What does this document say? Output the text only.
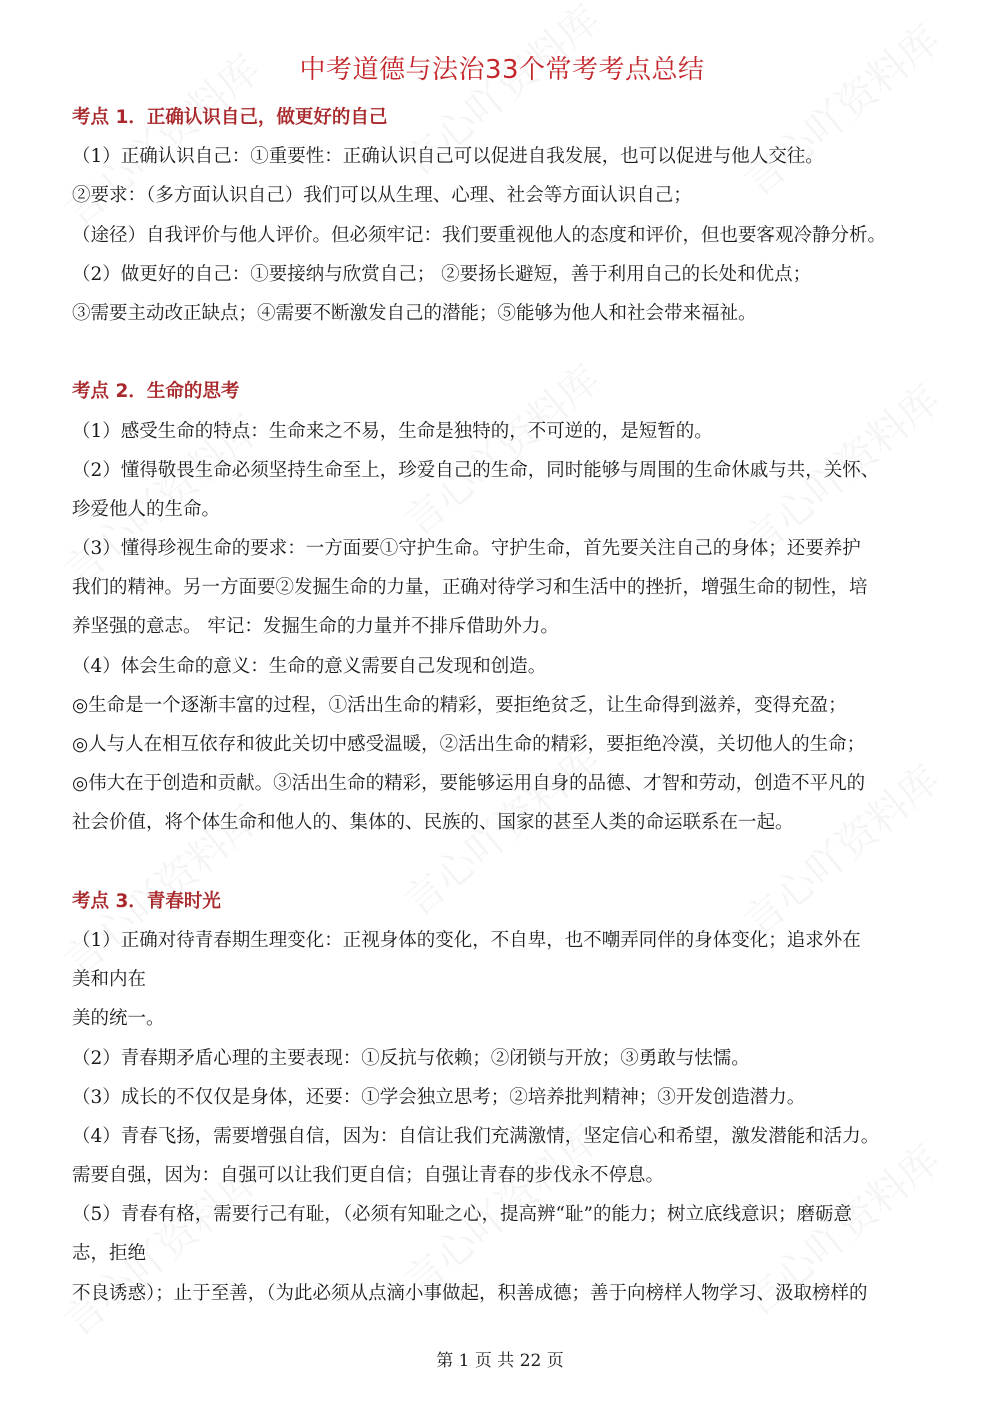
中考道德与法治33个常考考点总结
考点 1．正确认识自己，做更好的自己
（1）正确认识自己：①重要性：正确认识自己可以促进自我发展，也可以促进与他人交往。
②要求：（多方面认识自己）我们可以从生理、心理、社会等方面认识自己；
（途径）自我评价与他人评价。但必须牢记：我们要重视他人的态度和评价，但也要客观冷静分析。
（2）做更好的自己：①要接纳与欣赏自己； ②要扬长避短，善于利用自己的长处和优点；
③需要主动改正缺点；④需要不断激发自己的潜能；⑤能够为他人和社会带来福祉。
考点 2．生命的思考
（1）感受生命的特点：生命来之不易，生命是独特的，不可逆的，是短暂的。
（2）懂得敬畏生命必须坚持生命至上，珍爱自己的生命，同时能够与周围的生命休戚与共，关怀、
珍爱他人的生命。
（3）懂得珍视生命的要求：一方面要①守护生命。守护生命，首先要关注自己的身体；还要养护
我们的精神。另一方面要②发掘生命的力量，正确对待学习和生活中的挫折，增强生命的韧性，培
养坚强的意志。 牢记：发掘生命的力量并不排斥借助外力。
（4）体会生命的意义：生命的意义需要自己发现和创造。
◎生命是一个逐渐丰富的过程，①活出生命的精彩，要拒绝贫乏，让生命得到滋养，变得充盈；
◎人与人在相互依存和彼此关切中感受温暖，②活出生命的精彩，要拒绝冷漠，关切他人的生命；
◎伟大在于创造和贡献。③活出生命的精彩，要能够运用自身的品德、才智和劳动，创造不平凡的
社会价值，将个体生命和他人的、集体的、民族的、国家的甚至人类的命运联系在一起。
考点 3．青春时光
（1）正确对待青春期生理变化：正视身体的变化，不自卑，也不嘲弄同伴的身体变化；追求外在
美和内在
美的统一。
（2）青春期矛盾心理的主要表现：①反抗与依赖；②闭锁与开放；③勇敢与怯懦。
（3）成长的不仅仅是身体，还要：①学会独立思考；②培养批判精神；③开发创造潜力。
（4）青春飞扬，需要增强自信，因为：自信让我们充满激情，坚定信心和希望，激发潜能和活力。
需要自强，因为：自强可以让我们更自信；自强让青春的步伐永不停息。
（5）青春有格，需要行己有耻，（必须有知耻之心，提高辨“耻”的能力；树立底线意识；磨砺意
志，拒绝
不良诱惑）；止于至善，（为此必须从点滴小事做起，积善成德；善于向榜样人物学习、汲取榜样的
第 1 页 共 22 页
